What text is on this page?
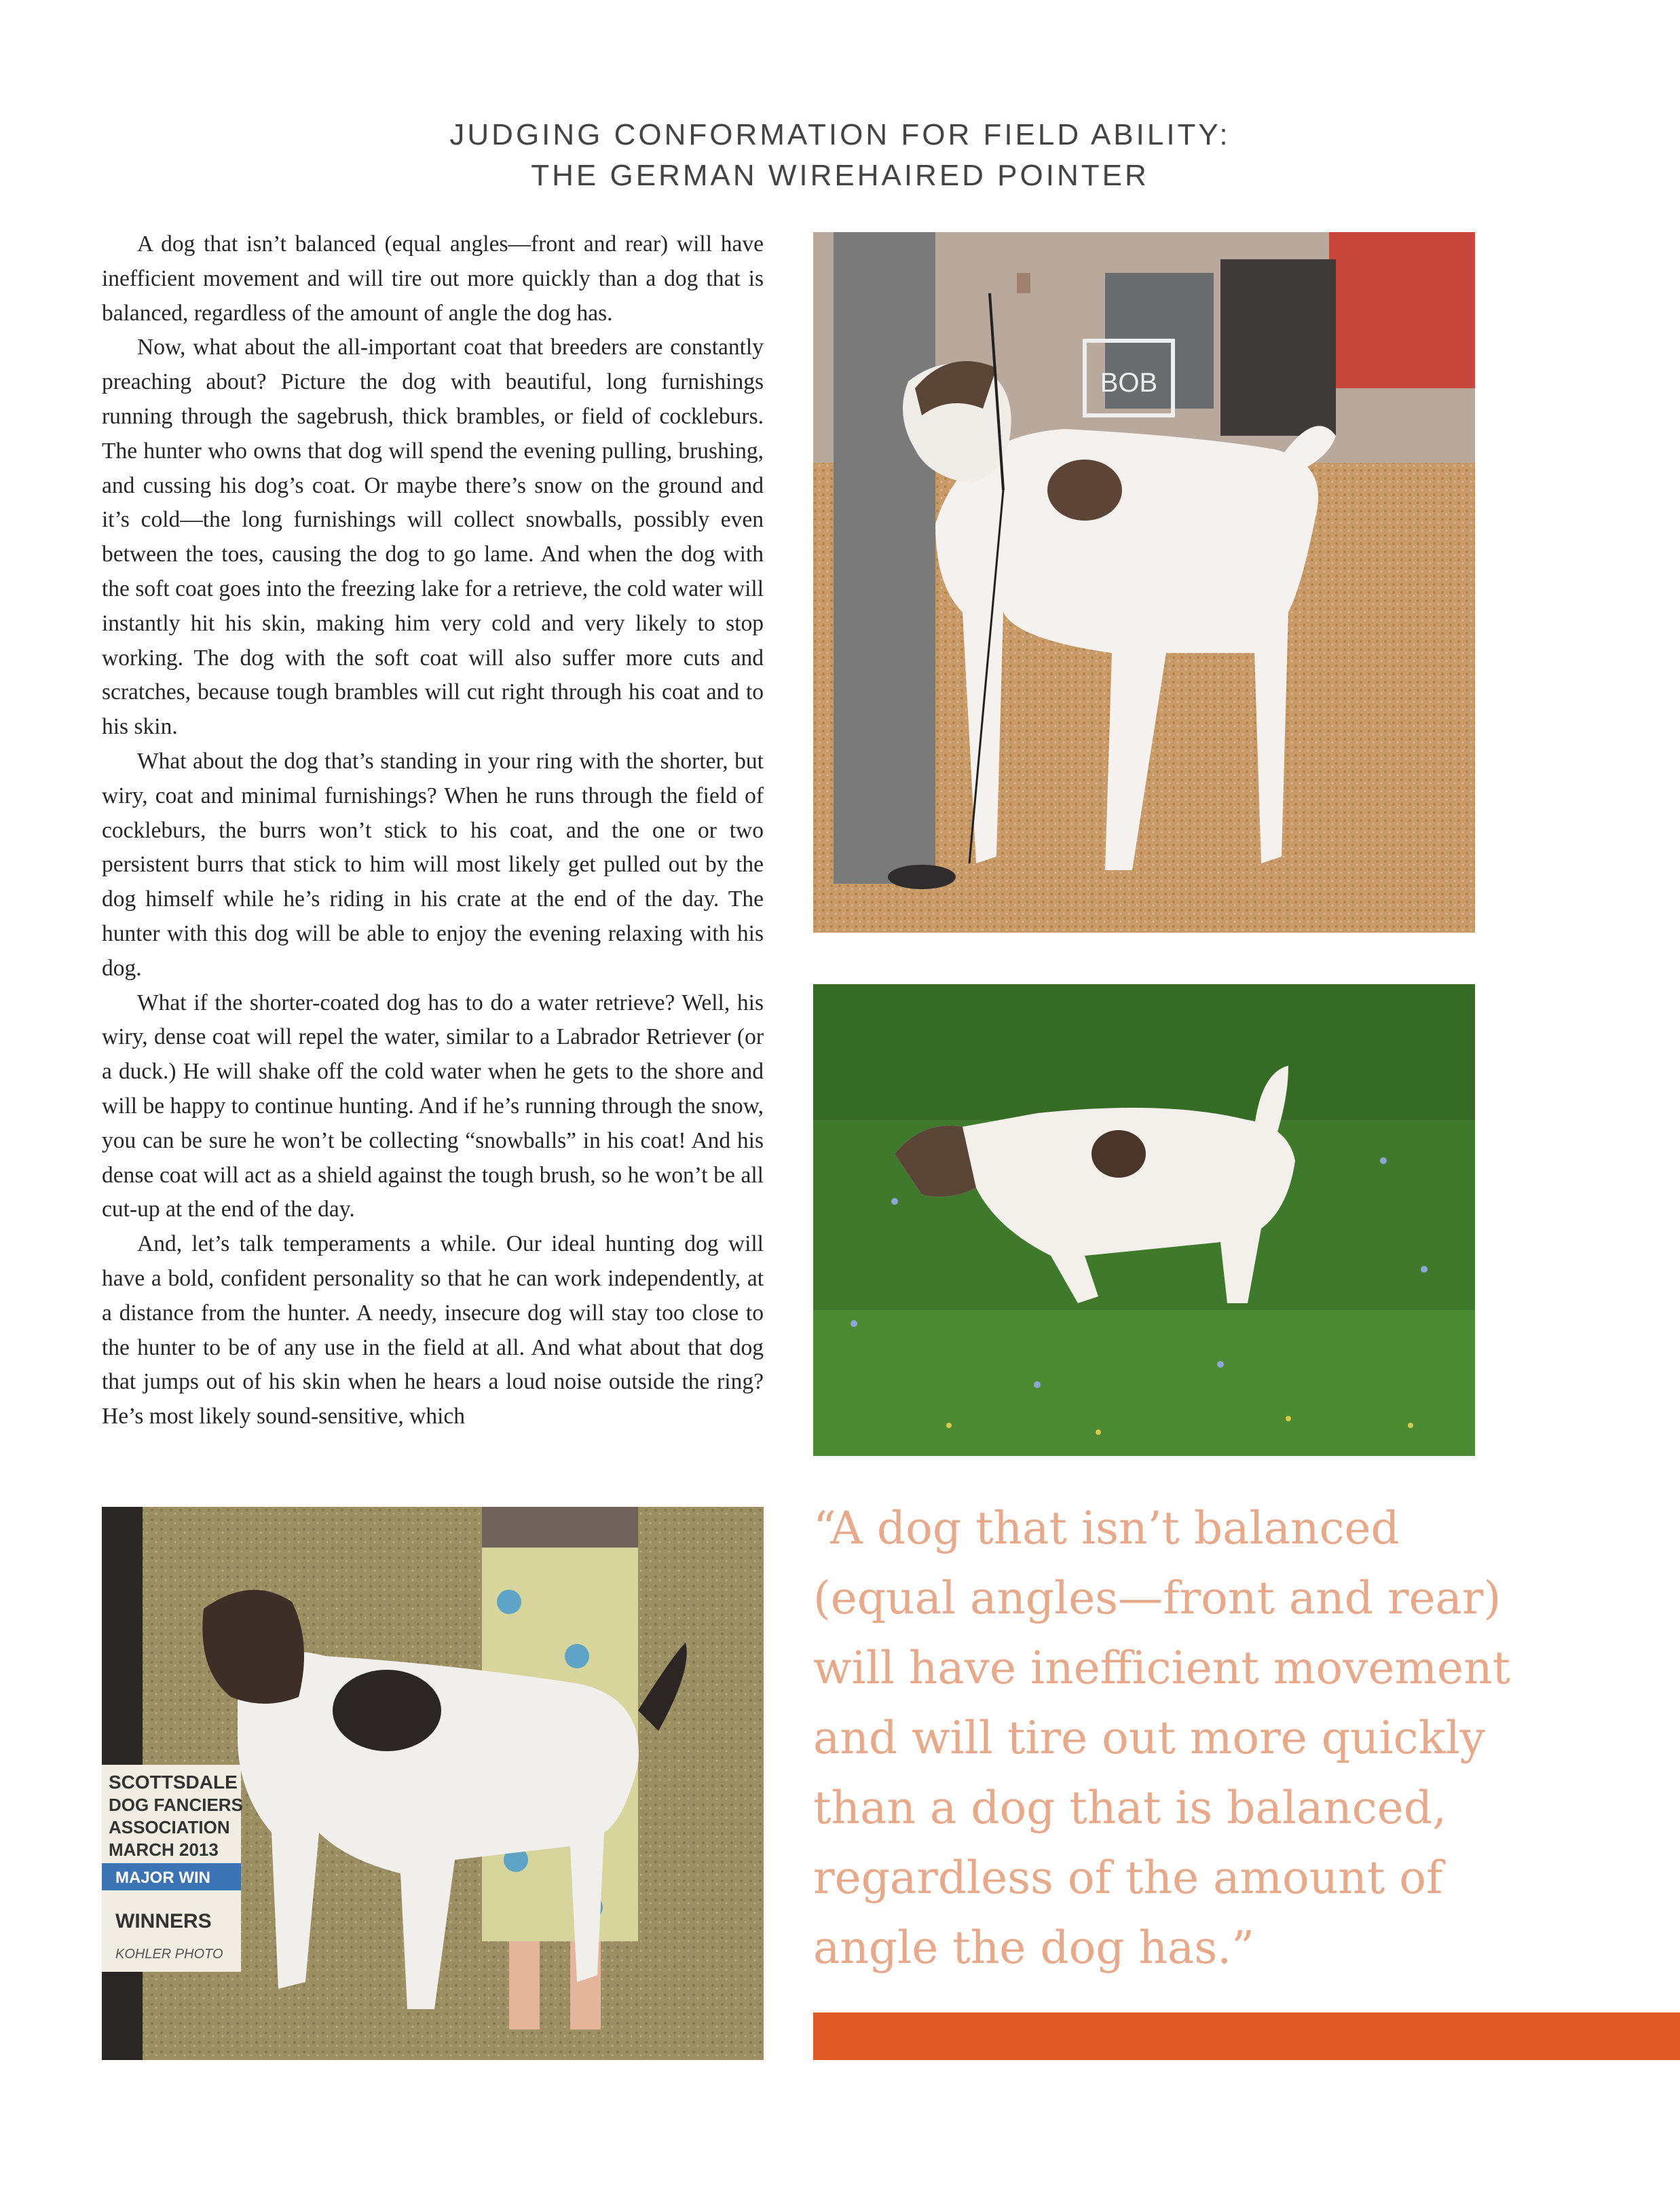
JUDGING CONFORMATION FOR FIELD ABILITY:
THE GERMAN WIREHAIRED POINTER

A dog that isn’t balanced (equal angles—front and rear) will have inefficient movement and will tire out more quickly than a dog that is balanced, regardless of the amount of angle the dog has.

Now, what about the all-important coat that breeders are constantly preaching about? Picture the dog with beautiful, long furnishings running through the sagebrush, thick brambles, or field of cockleburs. The hunter who owns that dog will spend the evening pulling, brushing, and cussing his dog’s coat. Or maybe there’s snow on the ground and it’s cold—the long furnishings will collect snowballs, possibly even between the toes, causing the dog to go lame. And when the dog with the soft coat goes into the freezing lake for a retrieve, the cold water will instantly hit his skin, making him very cold and very likely to stop working. The dog with the soft coat will also suffer more cuts and scratches, because tough brambles will cut right through his coat and to his skin.

What about the dog that’s standing in your ring with the shorter, but wiry, coat and minimal furnishings? When he runs through the field of cockleburs, the burrs won’t stick to his coat, and the one or two persistent burrs that stick to him will most likely get pulled out by the dog himself while he’s riding in his crate at the end of the day. The hunter with this dog will be able to enjoy the evening relaxing with his dog.

What if the shorter-coated dog has to do a water retrieve? Well, his wiry, dense coat will repel the water, similar to a Labrador Retriever (or a duck.) He will shake off the cold water when he gets to the shore and will be happy to continue hunting. And if he’s running through the snow, you can be sure he won’t be collecting “snowballs” in his coat! And his dense coat will act as a shield against the tough brush, so he won’t be all cut-up at the end of the day.

And, let’s talk temperaments a while. Our ideal hunting dog will have a bold, confident personality so that he can work independently, at a distance from the hunter. A needy, insecure dog will stay too close to the hunter to be of any use in the field at all. And what about that dog that jumps out of his skin when he hears a loud noise outside the ring? He’s most likely sound-sensitive, which

BOB
SCOTTSDALE
DOG FANCIERS
ASSOCIATION
MARCH 2013
MAJOR WIN
WINNERS
KOHLER PHOTO
“A dog that isn’t balanced
(equal angles—front and rear)
will have inefficient movement
and will tire out more quickly
than a dog that is balanced,
regardless of the amount of
angle the dog has.”
